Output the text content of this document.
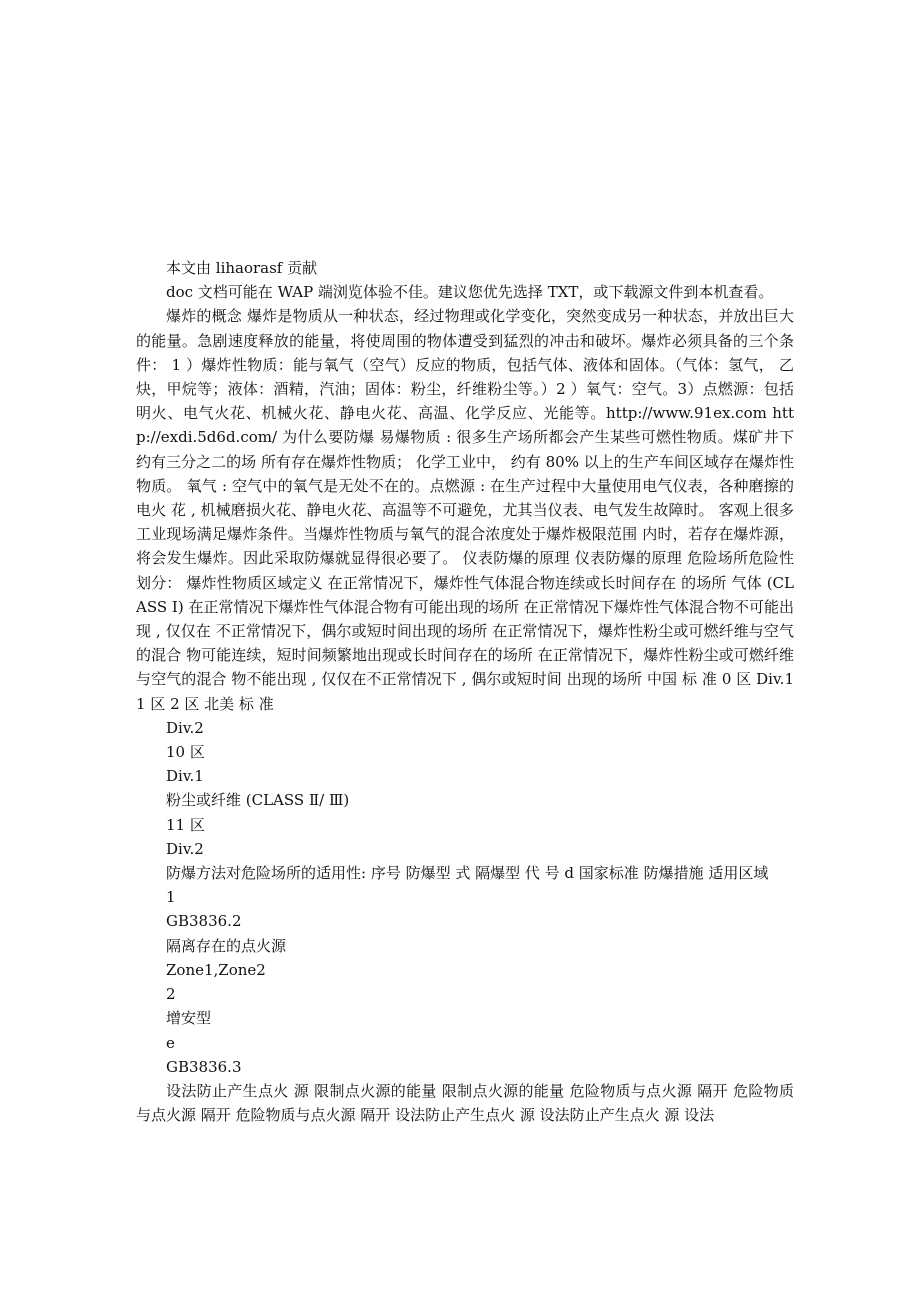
本文由 lihaorasf 贡献

doc 文档可能在 WAP 端浏览体验不佳。建议您优先选择 TXT，或下载源文件到本机查看。

爆炸的概念 爆炸是物质从一种状态，经过物理或化学变化，突然变成另一种状态，并放出巨大的能量。急剧速度释放的能量，将使周围的物体遭受到猛烈的冲击和破坏。爆炸必须具备的三个条件： 1 ）爆炸性物质：能与氧气（空气）反应的物质，包括气体、液体和固体。（气体：氢气， 乙炔，甲烷等；液体：酒精，汽油；固体：粉尘，纤维粉尘等。）2 ）氧气：空气。3）点燃源：包括明火、电气火花、机械火花、静电火花、高温、化学反应、光能等。http://www.91ex.com http://exdi.5d6d.com/ 为什么要防爆 易爆物质 : 很多生产场所都会产生某些可燃性物质。煤矿井下约有三分之二的场 所有存在爆炸性物质； 化学工业中， 约有 80% 以上的生产车间区域存在爆炸性物质。 氧气 : 空气中的氧气是无处不在的。点燃源 : 在生产过程中大量使用电气仪表，各种磨擦的电火 花 , 机械磨损火花、静电火花、高温等不可避免，尤其当仪表、电气发生故障时。 客观上很多工业现场满足爆炸条件。当爆炸性物质与氧气的混合浓度处于爆炸极限范围 内时，若存在爆炸源，将会发生爆炸。因此采取防爆就显得很必要了。 仪表防爆的原理 仪表防爆的原理 危险场所危险性划分： 爆炸性物质区域定义 在正常情况下，爆炸性气体混合物连续或长时间存在 的场所 气体 (CLASS Ⅰ) 在正常情况下爆炸性气体混合物有可能出现的场所 在正常情况下爆炸性气体混合物不可能出现 , 仅仅在 不正常情况下，偶尔或短时间出现的场所 在正常情况下，爆炸性粉尘或可燃纤维与空气的混合 物可能连续，短时间频繁地出现或长时间存在的场所 在正常情况下，爆炸性粉尘或可燃纤维与空气的混合 物不能出现 , 仅仅在不正常情况下 , 偶尔或短时间 出现的场所 中国 标 准 0 区 Div.1 1 区 2 区 北美 标 准

Div.2

10 区

Div.1

粉尘或纤维 (CLASS Ⅱ/ Ⅲ)

11 区

Div.2

防爆方法对危险场所的适用性: 序号 防爆型 式 隔爆型 代 号 d 国家标准 防爆措施 适用区域

1

GB3836.2

隔离存在的点火源

Zone1,Zone2

2

增安型

e

GB3836.3

设法防止产生点火 源 限制点火源的能量 限制点火源的能量 危险物质与点火源 隔开 危险物质与点火源 隔开 危险物质与点火源 隔开 设法防止产生点火 源 设法防止产生点火 源 设法
